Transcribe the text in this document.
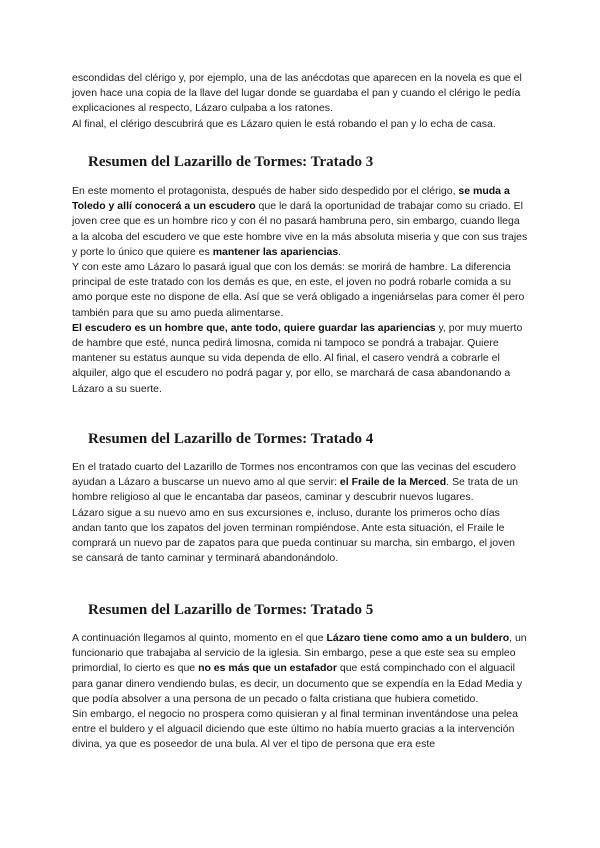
escondidas del clérigo y, por ejemplo, una de las anécdotas que aparecen en la novela es que el joven hace una copia de la llave del lugar donde se guardaba el pan y cuando el clérigo le pedía explicaciones al respecto, Lázaro culpaba a los ratones.

Al final, el clérigo descubrirá que es Lázaro quien le está robando el pan y lo echa de casa.

Resumen del Lazarillo de Tormes: Tratado 3

En este momento el protagonista, después de haber sido despedido por el clérigo, se muda a Toledo y allí conocerá a un escudero que le dará la oportunidad de trabajar como su criado. El joven cree que es un hombre rico y con él no pasará hambruna pero, sin embargo, cuando llega a la alcoba del escudero ve que este hombre vive en la más absoluta miseria y que con sus trajes y porte lo único que quiere es mantener las apariencias.

Y con este amo Lázaro lo pasará igual que con los demás: se morirá de hambre. La diferencia principal de este tratado con los demás es que, en este, el joven no podrá robarle comida a su amo porque este no dispone de ella. Así que se verá obligado a ingeniárselas para comer él pero también para que su amo pueda alimentarse.

El escudero es un hombre que, ante todo, quiere guardar las apariencias y, por muy muerto de hambre que esté, nunca pedirá limosna, comida ni tampoco se pondrá a trabajar. Quiere mantener su estatus aunque su vida dependa de ello. Al final, el casero vendrá a cobrarle el alquiler, algo que el escudero no podrá pagar y, por ello, se marchará de casa abandonando a Lázaro a su suerte.

Resumen del Lazarillo de Tormes: Tratado 4

En el tratado cuarto del Lazarillo de Tormes nos encontramos con que las vecinas del escudero ayudan a Lázaro a buscarse un nuevo amo al que servir: el Fraile de la Merced. Se trata de un hombre religioso al que le encantaba dar paseos, caminar y descubrir nuevos lugares.

Lázaro sigue a su nuevo amo en sus excursiones e, incluso, durante los primeros ocho días andan tanto que los zapatos del joven terminan rompiéndose. Ante esta situación, el Fraile le comprará un nuevo par de zapatos para que pueda continuar su marcha, sin embargo, el joven se cansará de tanto caminar y terminará abandonándolo.

Resumen del Lazarillo de Tormes: Tratado 5

A continuación llegamos al quinto, momento en el que Lázaro tiene como amo a un buldero, un funcionario que trabajaba al servicio de la iglesia. Sin embargo, pese a que este sea su empleo primordial, lo cierto es que no es más que un estafador que está compinchado con el alguacil para ganar dinero vendiendo bulas, es decir, un documento que se expendía en la Edad Media y que podía absolver a una persona de un pecado o falta cristiana que hubiera cometido.

Sin embargo, el negocio no prospera como quisieran y al final terminan inventándose una pelea entre el buldero y el alguacil diciendo que este último no había muerto gracias a la intervención divina, ya que es poseedor de una bula. Al ver el tipo de persona que era este
